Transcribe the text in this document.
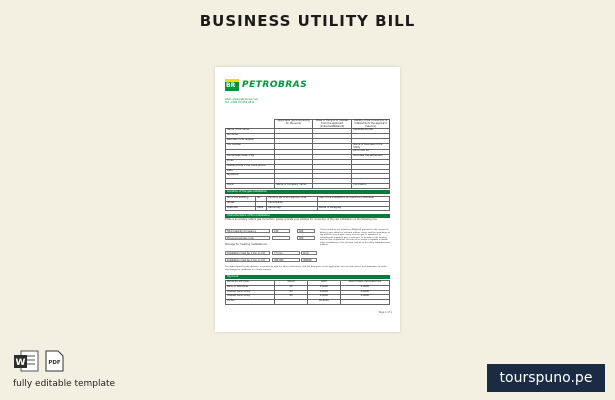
BUSINESS UTILITY BILL
BR PETROBRAS
Web: www.petrobras.com
Tel: +900 00 354 4811
	Applicable (periods paying for the work)	Class of the grid of Interest from the applicant (Individual/Network)	Validity of the connection of Interest from the applicant (Service)
Name / First name			0000000 00 000
Surname			
Business code register			
Tax number			Name of business of the Utility
			AR to 000 00
Percentage class, if Kg			Purchase the settlement
Email			
Mobile phone 2 the client phone			
Date			
Signature			

Place	Name of Company name		Conclusion
Location of the gas installation
No of the building	No	Monthly services calendar code	Use of the installation and service (Individual)
Street		Municipality	
Postcode	0000	Parcel Key	Parcel of Paraguay
Characteristics of the installation
If this is an existing natural gas connection, please indicate your address for connection of the new installation on the following line.
Total capacity Occupancy	100	900
Previous business code	200
Storage for heating installations
Installation must be 1 min in mm	7.5 min	0mm
Installation must be 2 min in mm	999 000	000000
These period we are attaching (Modified) pursuant to the comments below to give details of relevant utilities, meter and the installation of the utilities. Very simple, every new the gas (in operation) to recording the supply of gas, in reference to location of the heating and the rest of operation. You can tell to ensure a capable to obtain other installations of the network, and all to Yes utility. Submitted and address.
The undersigned hereby declares, in connection with the above information, that the data given in this application are true and correct, and undertakes to notify any changes in conditions in a timely manner.
Payment
PAYMENT METHOD	VALUE	DATE	ADDITIONAL INFORMATION
Bank of Petrobras	00	0.0000	0.0000
Interest bank utility	00	0.0000	0.0000
Interest bank utility	00	0.0000	0.0000
TOTAL		00.0000	
Page 1 of 1
W	PDF
fully editable template	tourspuno.pe
